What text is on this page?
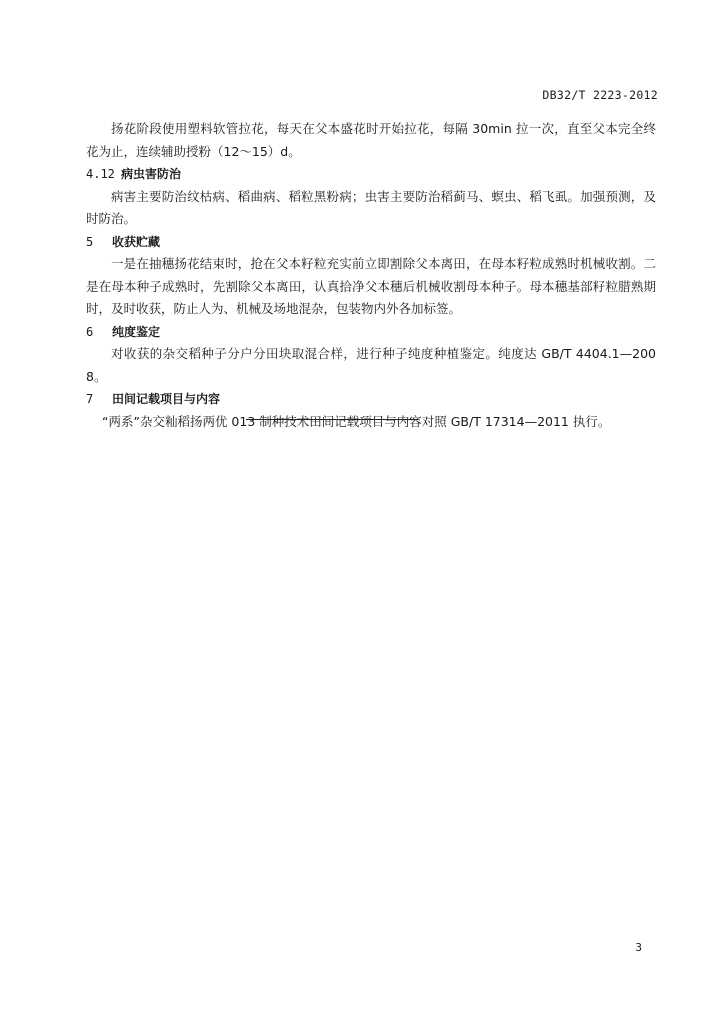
DB32/T 2223-2012

扬花阶段使用塑料软管拉花，每天在父本盛花时开始拉花，每隔 30min 拉一次，直至父本完全终花为止，连续辅助授粉（12～15）d。

4.12 病虫害防治

病害主要防治纹枯病、稻曲病、稻粒黑粉病；虫害主要防治稻蓟马、螟虫、稻飞虱。加强预测，及时防治。

5 收获贮藏

一是在抽穗扬花结束时，抢在父本籽粒充实前立即割除父本离田，在母本籽粒成熟时机械收割。二是在母本种子成熟时，先割除父本离田，认真拾净父本穗后机械收割母本种子。母本穗基部籽粒腊熟期时，及时收获，防止人为、机械及场地混杂，包装物内外各加标签。

6 纯度鉴定

对收获的杂交稻种子分户分田块取混合样，进行种子纯度种植鉴定。纯度达 GB/T 4404.1—2008。

7 田间记载项目与内容

“两系”杂交籼稻扬两优 013 制种技术田间记载项目与内容对照 GB/T 17314—2011 执行。

3
